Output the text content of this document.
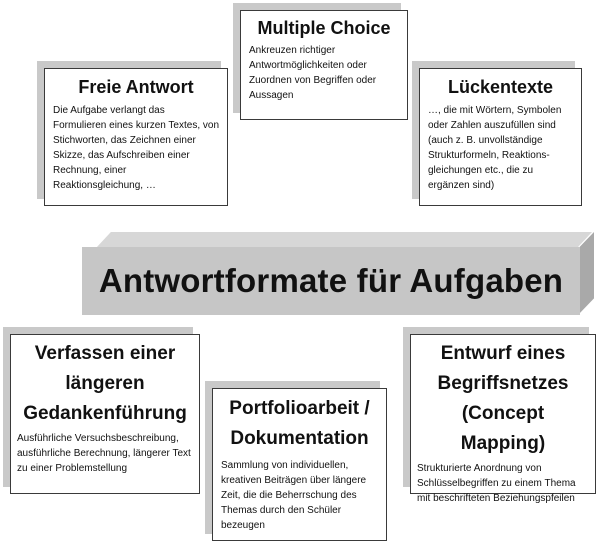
Multiple Choice
Ankreuzen richtiger Antwortmöglichkeiten oder Zuordnen von Begriffen oder Aussagen
Freie Antwort
Die Aufgabe verlangt das Formulieren eines kurzen Textes, von Stichworten, das Zeichnen einer Skizze, das Aufschreiben einer Rechnung, einer Reaktionsgleichung, …
Lückentexte
…, die mit Wörtern, Symbolen oder Zahlen auszufüllen sind (auch z. B. unvollständige Strukturformeln, Reaktions-gleichungen etc., die zu ergänzen sind)
Antwortformate für Aufgaben
Verfassen einer
längeren
Gedankenführung
Ausführliche Versuchsbeschreibung, ausführliche Berechnung, längerer Text zu einer Problemstellung
Portfolioarbeit /
Dokumentation
Sammlung von individuellen, kreativen Beiträgen über längere Zeit, die die Beherrschung des Themas durch den Schüler bezeugen
Entwurf eines
Begriffsnetzes
(Concept Mapping)
Strukturierte Anordnung von Schlüsselbegriffen zu einem Thema mit beschrifteten Beziehungspfeilen
